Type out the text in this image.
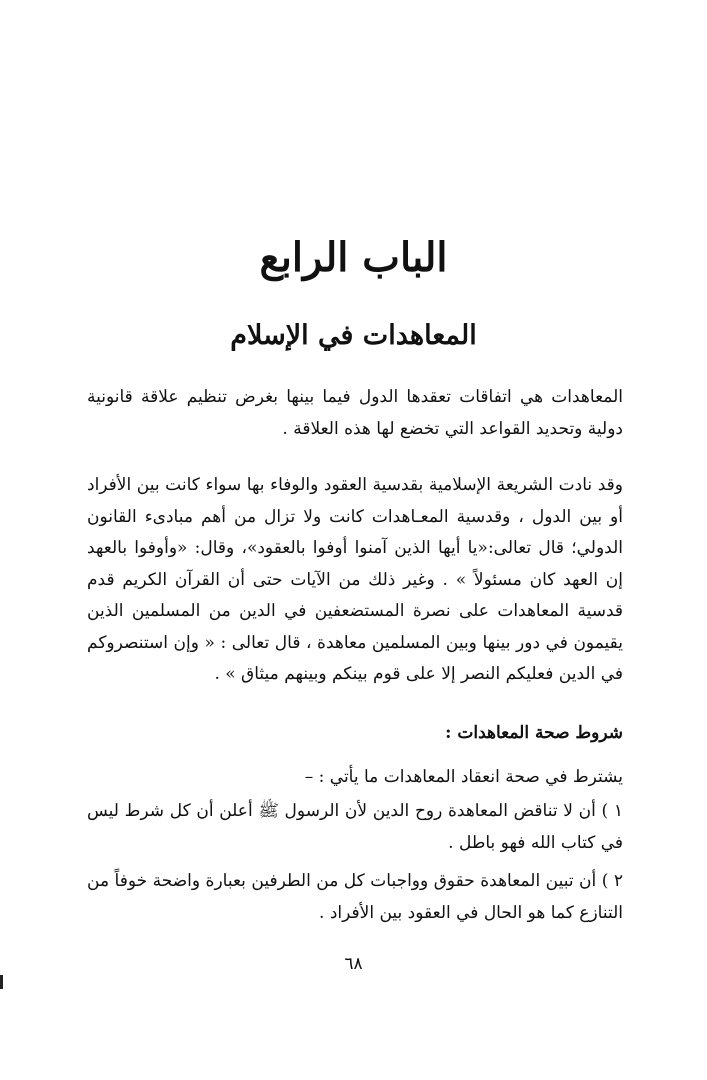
الباب الرابع
المعاهدات في الإسلام

المعاهدات هي اتفاقات تعقدها الدول فيما بينها بغرض تنظيم علاقة قانونية دولية وتحديد القواعد التي تخضع لها هذه العلاقة .

وقد نادت الشريعة الإسلامية بقدسية العقود والوفاء بها سواء كانت بين الأفراد أو بين الدول ، وقدسية المعـاهدات كانت ولا تزال من أهم مبادىء القانون الدولي؛ قال تعالى:«يا أيها الذين آمنوا أوفوا بالعقود»، وقال: «وأوفوا بالعهد إن العهد كان مسئولاً » . وغير ذلك من الآيات حتى أن القرآن الكريم قدم قدسية المعاهدات على نصرة المستضعفين في الدين من المسلمين الذين يقيمون في دور بينها وبين المسلمين معاهدة ، قال تعالى : « وإن استنصروكم في الدين فعليكم النصر إلا على قوم بينكم وبينهم ميثاق » .

شروط صحة المعاهدات :

يشترط في صحة انعقاد المعاهدات ما يأتي : –

١ ) أن لا تناقض المعاهدة روح الدين لأن الرسول ﷺ أعلن أن كل شرط ليس في كتاب الله فهو باطل .

٢ ) أن تبين المعاهدة حقوق وواجبات كل من الطرفين بعبارة واضحة خوفاً من التنازع كما هو الحال في العقود بين الأفراد .

٦٨
